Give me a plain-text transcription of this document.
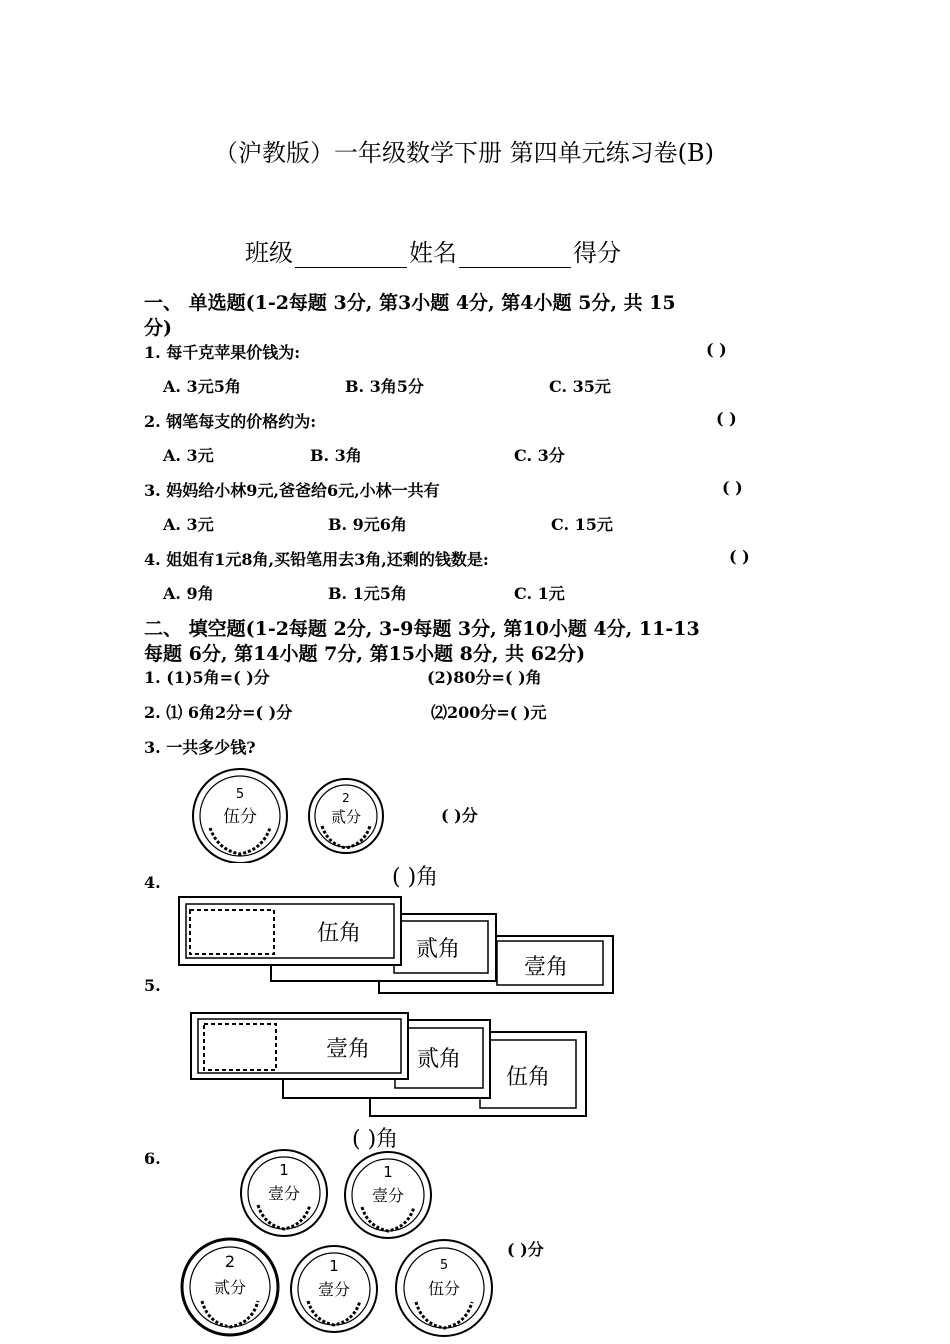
（沪教版）一年级数学下册 第四单元练习卷(B)
班级	姓名	得分
一、 单选题(1-2每题 3分, 第3小题 4分, 第4小题 5分, 共 15
分)
1. 每千克苹果价钱为:	( )
A. 3元5角	B. 3角5分	C. 35元
2. 钢笔每支的价格约为:	( )
A. 3元	B. 3角	C. 3分
3. 妈妈给小林9元,爸爸给6元,小林一共有	( )
A. 3元	B. 9元6角	C. 15元
4. 姐姐有1元8角,买铅笔用去3角,还剩的钱数是:	( )
A. 9角	B. 1元5角	C. 1元
二、 填空题(1-2每题 2分, 3-9每题 3分, 第10小题 4分, 11-13
每题 6分, 第14小题 7分, 第15小题 8分, 共 62分)
1. (1)5角=( )分	(2)80分=( )角
2. ⑴ 6角2分=( )分	⑵200分=( )元
3. 一共多少钱?
5
伍分
2
贰分	( )分
( )角
4.
壹角
贰角
伍角
5.
伍角
贰角
壹角
( )角
6.
1
壹分
1
壹分
2
贰分
1
壹分
5
伍分
( )分
